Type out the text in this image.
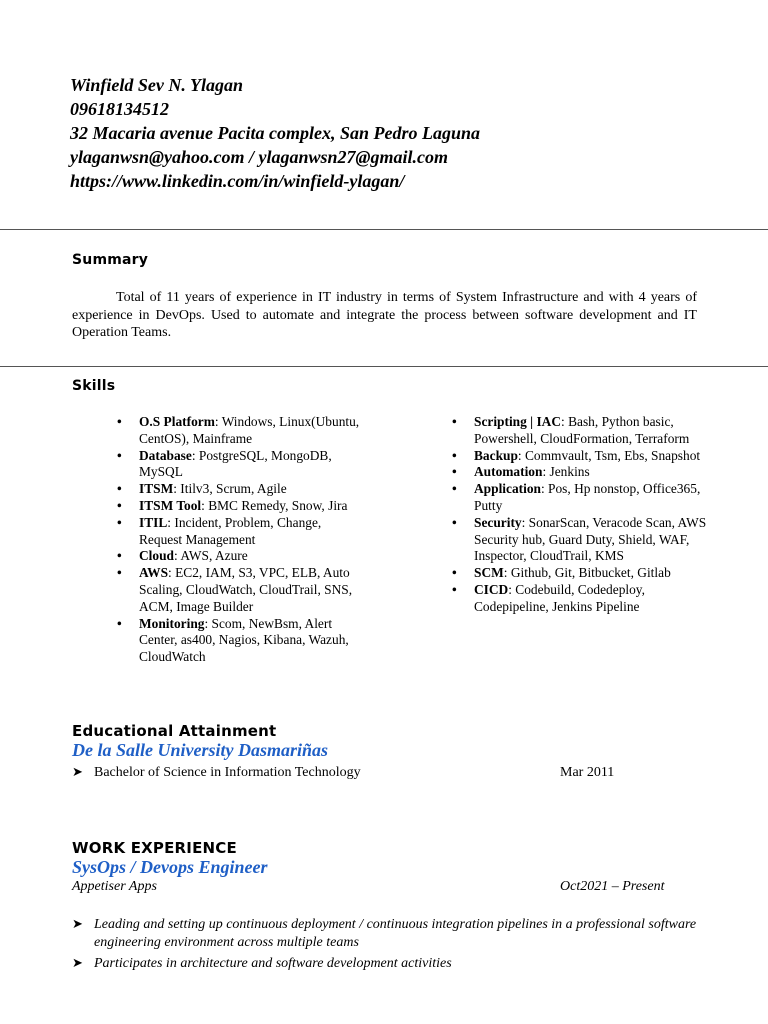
Winfield Sev N. Ylagan
09618134512
32 Macaria avenue Pacita complex, San Pedro Laguna
ylaganwsn@yahoo.com / ylaganwsn27@gmail.com
https://www.linkedin.com/in/winfield-ylagan/
Summary
Total of 11 years of experience in IT industry in terms of System Infrastructure and with 4 years of experience in DevOps. Used to automate and integrate the process between software development and IT Operation Teams.
Skills
• O.S Platform: Windows, Linux(Ubuntu, CentOS), Mainframe
• Database: PostgreSQL, MongoDB, MySQL
• ITSM: Itilv3, Scrum, Agile
• ITSM Tool: BMC Remedy, Snow, Jira
• ITIL: Incident, Problem, Change, Request Management
• Cloud: AWS, Azure
• AWS: EC2, IAM, S3, VPC, ELB, Auto Scaling, CloudWatch, CloudTrail, SNS, ACM, Image Builder
• Monitoring: Scom, NewBsm, Alert Center, as400, Nagios, Kibana, Wazuh, CloudWatch
• Scripting | IAC: Bash, Python basic, Powershell, CloudFormation, Terraform
• Backup: Commvault, Tsm, Ebs, Snapshot
• Automation: Jenkins
• Application: Pos, Hp nonstop, Office365, Putty
• Security: SonarScan, Veracode Scan, AWS Security hub, Guard Duty, Shield, WAF, Inspector, CloudTrail, KMS
• SCM: Github, Git, Bitbucket, Gitlab
• CICD: Codebuild, Codedeploy, Codepipeline, Jenkins Pipeline
Educational Attainment
De la Salle University Dasmariñas
➤ Bachelor of Science in Information Technology	Mar 2011
WORK EXPERIENCE
SysOps / Devops Engineer
Appetiser Apps	Oct2021 – Present
➤ Leading and setting up continuous deployment / continuous integration pipelines in a professional software engineering environment across multiple teams
➤ Participates in architecture and software development activities
